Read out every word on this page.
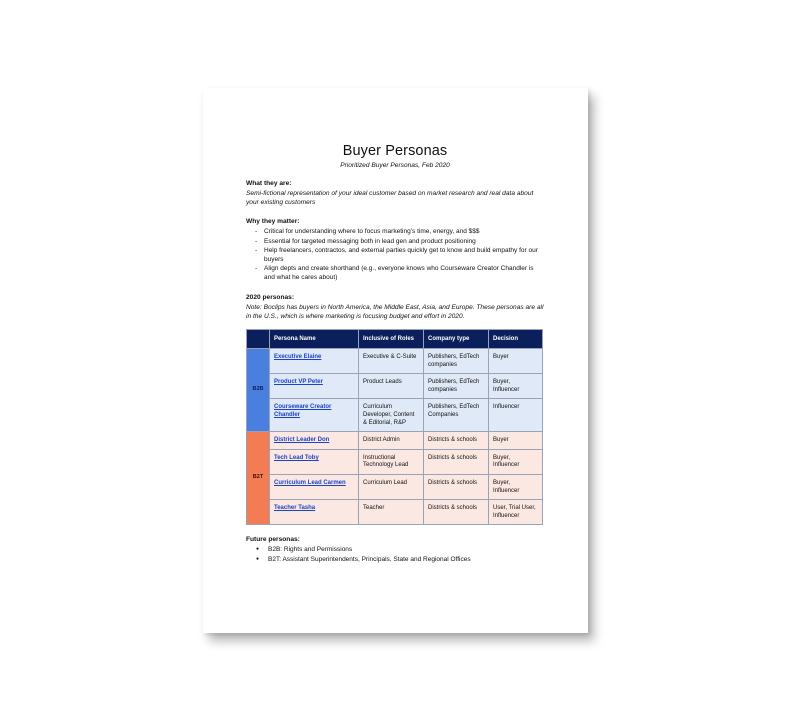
Buyer Personas
Prioritized Buyer Personas, Feb 2020
What they are:
Semi-fictional representation of your ideal customer based on market research and real data about your existing customers
Why they matter:
- Critical for understanding where to focus marketing’s time, energy, and $$$
- Essential for targeted messaging both in lead gen and product positioning
- Help freelancers, contractos, and external parties quickly get to know and build empathy for our buyers
- Align depts and create shorthand (e.g., everyone knows who Courseware Creator Chandler is and what he cares about)
2020 personas:
Note: Boclips has buyers in North America, the Middle East, Asia, and Europe. These personas are all in the U.S., which is where marketing is focusing budget and effort in 2020.
	Persona Name	Inclusive of Roles	Company type	Decision
B2B	Executive Elaine	Executive & C-Suite	Publishers, EdTech companies	Buyer
	Product VP Peter	Product Leads	Publishers, EdTech companies	Buyer, Influencer
	Courseware Creator Chandler	Curriculum Developer, Content & Editorial, R&P	Publishers, EdTech Companies	Influencer
B2T	District Leader Don	District Admin	Districts & schools	Buyer
	Tech Lead Toby	Instructional Technology Lead	Districts & schools	Buyer, Influencer
	Curriculum Lead Carmen	Curriculum Lead	Districts & schools	Buyer, Influencer
	Teacher Tasha	Teacher	Districts & schools	User, Trial User, Influencer
Future personas:
● B2B: Rights and Permissions
● B2T: Assistant Superintendents, Principals, State and Regional Offices
